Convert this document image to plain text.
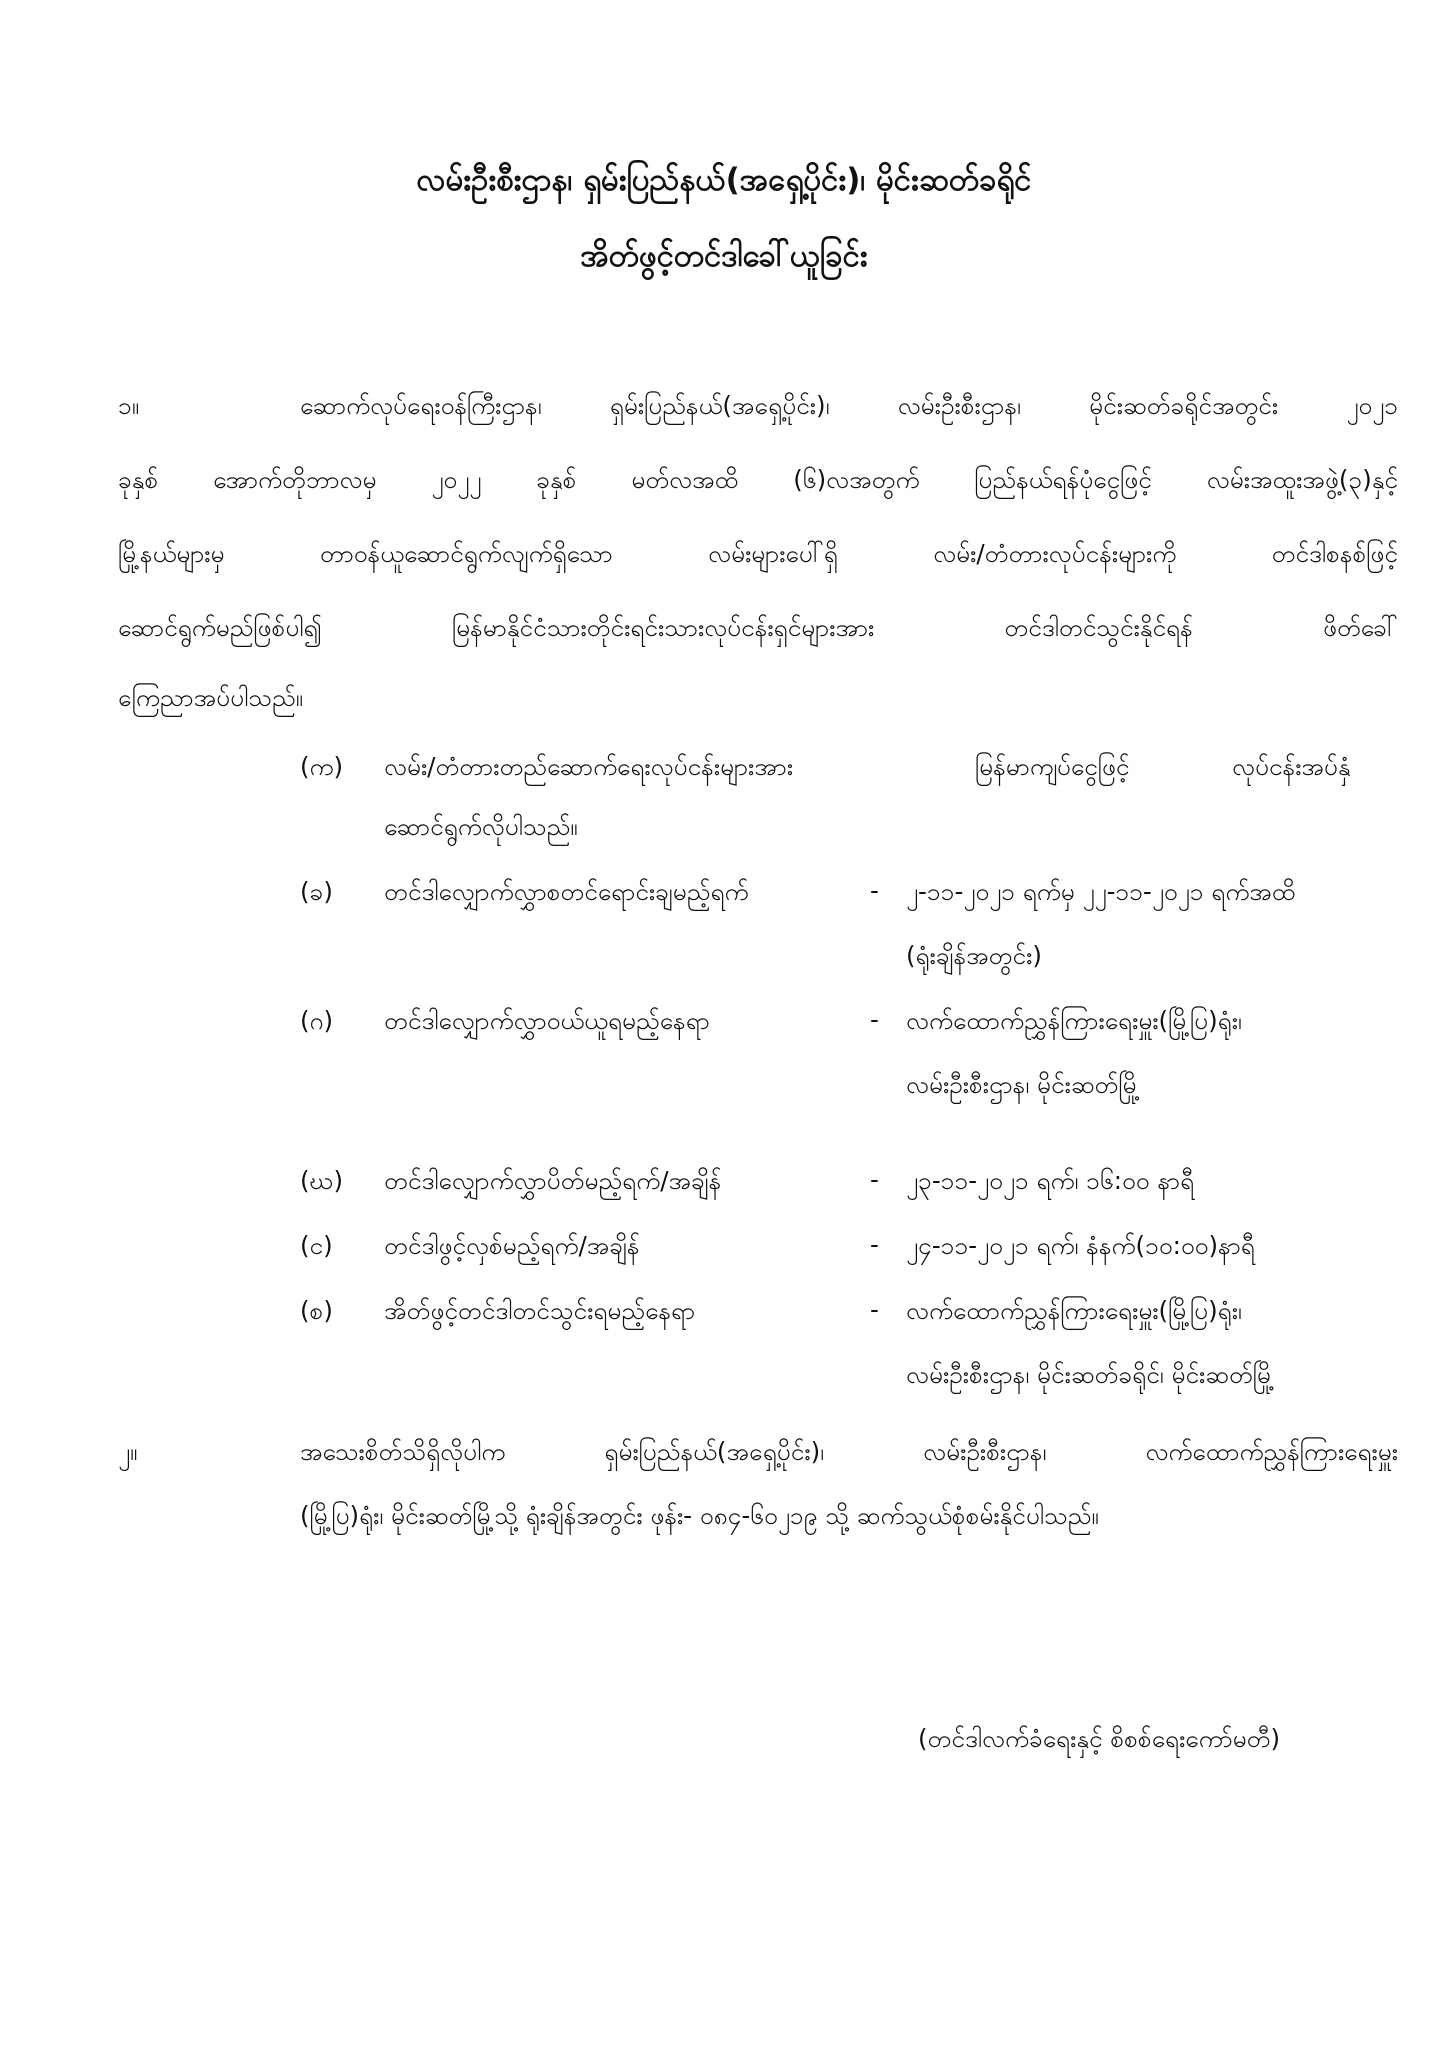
လမ်းဦးစီးဌာန၊ ရှမ်းပြည်နယ်(အရှေ့ပိုင်း)၊ မိုင်းဆတ်ခရိုင်
အိတ်ဖွင့်တင်ဒါခေါ်ယူခြင်း
၁။	ဆောက်လုပ်ရေးဝန်ကြီးဌာန၊ ရှမ်းပြည်နယ်(အရှေ့ပိုင်း)၊ လမ်းဦးစီးဌာန၊ မိုင်းဆတ်ခရိုင်အတွင်း ၂၀၂၁
ခုနှစ် အောက်တိုဘာလမှ ၂၀၂၂ ခုနှစ် မတ်လအထိ (၆)လအတွက် ပြည်နယ်ရန်ပုံငွေဖြင့် လမ်းအထူးအဖွဲ့(၃)နှင့်
မြို့နယ်များမှ တာဝန်ယူဆောင်ရွက်လျက်ရှိသော လမ်းများပေါ်ရှိ လမ်း/တံတားလုပ်ငန်းများကို တင်ဒါစနစ်ဖြင့်
ဆောင်ရွက်မည်ဖြစ်ပါ၍ မြန်မာနိုင်ငံသားတိုင်းရင်းသားလုပ်ငန်းရှင်များအား တင်ဒါတင်သွင်းနိုင်ရန် ဖိတ်ခေါ်
ကြေညာအပ်ပါသည်။
(က) လမ်း/တံတားတည်ဆောက်ရေးလုပ်ငန်းများအား	မြန်မာကျပ်ငွေဖြင့်	လုပ်ငန်းအပ်နှံ
ဆောင်ရွက်လိုပါသည်။
(ခ) တင်ဒါလျှောက်လွှာစတင်ရောင်းချမည့်ရက်	- ၂-၁၁-၂၀၂၁ ရက်မှ ၂၂-၁၁-၂၀၂၁ ရက်အထိ
(ရုံးချိန်အတွင်း)
(ဂ) တင်ဒါလျှောက်လွှာဝယ်ယူရမည့်နေရာ	- လက်ထောက်ညွှန်ကြားရေးမှူး(မြို့ပြ)ရုံး၊
လမ်းဦးစီးဌာန၊ မိုင်းဆတ်မြို့
(ဃ) တင်ဒါလျှောက်လွှာပိတ်မည့်ရက်/အချိန်	- ၂၃-၁၁-၂၀၂၁ ရက်၊ ၁၆:၀၀ နာရီ
(င) တင်ဒါဖွင့်လှစ်မည့်ရက်/အချိန်	- ၂၄-၁၁-၂၀၂၁ ရက်၊ နံနက်(၁၀:၀၀)နာရီ
(စ) အိတ်ဖွင့်တင်ဒါတင်သွင်းရမည့်နေရာ	- လက်ထောက်ညွှန်ကြားရေးမှူး(မြို့ပြ)ရုံး၊
လမ်းဦးစီးဌာန၊ မိုင်းဆတ်ခရိုင်၊ မိုင်းဆတ်မြို့
၂။	အသေးစိတ်သိရှိလိုပါက ရှမ်းပြည်နယ်(အရှေ့ပိုင်း)၊ လမ်းဦးစီးဌာန၊ လက်ထောက်ညွှန်ကြားရေးမှူး
(မြို့ပြ)ရုံး၊ မိုင်းဆတ်မြို့သို့ ရုံးချိန်အတွင်း ဖုန်း- ၀၈၄-၆၀၂၁၉ သို့ ဆက်သွယ်စုံစမ်းနိုင်ပါသည်။
(တင်ဒါလက်ခံရေးနှင့် စိစစ်ရေးကော်မတီ)
